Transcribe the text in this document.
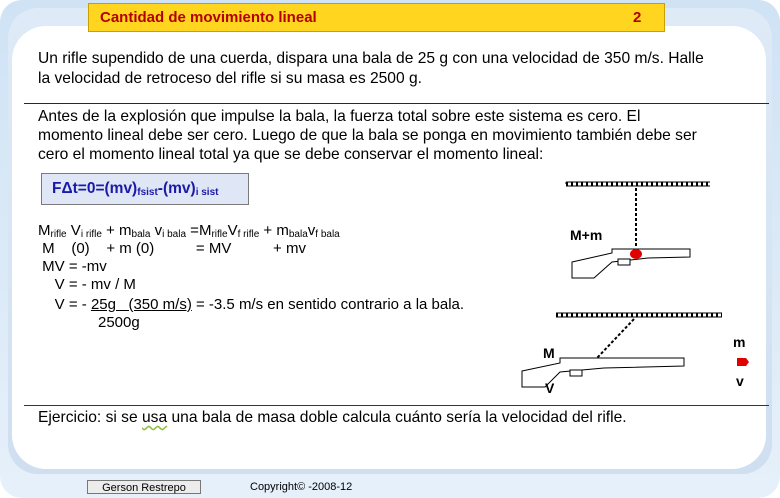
Cantidad de movimiento lineal	2
Un rifle supendido de una cuerda, dispara una bala de 25 g con una velocidad de 350 m/s. Halle
la velocidad de retroceso del rifle si su masa es 2500 g.
Antes de la explosión que impulse la bala, la fuerza total sobre este sistema es cero. El
momento lineal debe ser cero. Luego de que la bala se ponga en movimiento también debe ser
cero el momento lineal total ya que se debe conservar el momento lineal:
$F\Delta t=0=(mv)_{fsist}-(mv)_{i sist}$
$M_{rifle}$ $V_{i rifle} + m_{bala}$ $v_{i bala} =M_{rifle}V_{f rifle} + m_{bala}v_{f bala}$
M    (0)    + m (0)          = MV          + mv
MV = -mv
V = - mv / M
V = - 25g   (350 m/s) = -3.5 m/s en sentido contrario a la bala.
2500g
M+m
M
V
m
v
Ejercicio: si se usa una bala de masa doble calcula cuánto sería la velocidad del rifle.
Gerson Restrepo	Copyright© -2008-12
